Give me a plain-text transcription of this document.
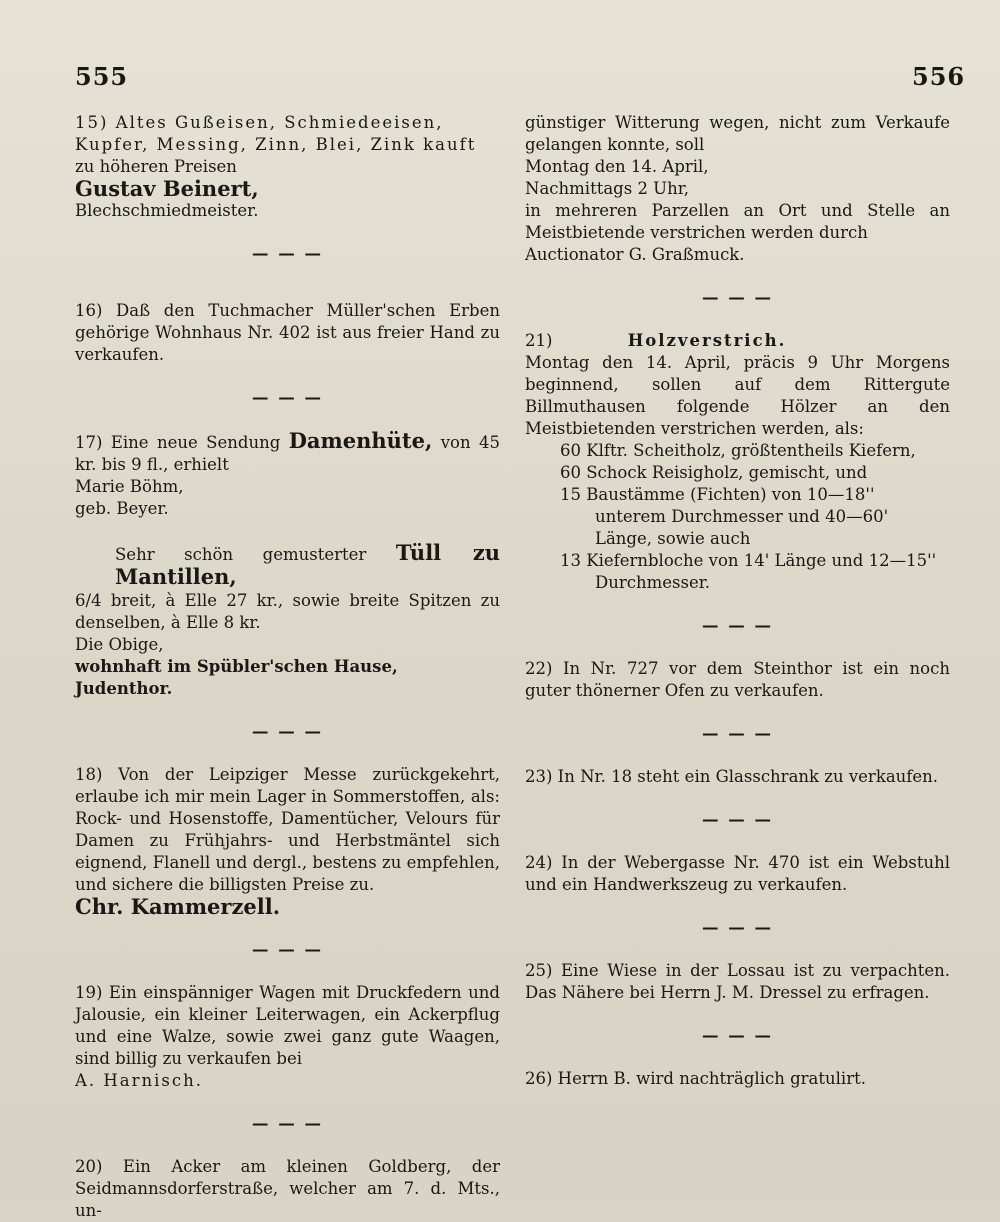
555	556

15) Altes Gußeisen, Schmiedeeisen,

Kupfer, Messing, Zinn, Blei, Zink kauft

zu höheren Preisen

Gustav Beinert,

Blechschmiedmeister.

— — —

16) Daß den Tuchmacher Müller'schen Erben gehörige Wohnhaus Nr. 402 ist aus freier Hand zu verkaufen.

— — —

17) Eine neue Sendung Damenhüte, von 45 kr. bis 9 fl., erhielt

Marie Böhm,

geb. Beyer.

Sehr schön gemusterter Tüll zu Mantillen,

6/4 breit, à Elle 27 kr., sowie breite Spitzen zu denselben, à Elle 8 kr.

Die Obige,

wohnhaft im Spübler'schen Hause,

Judenthor.

— — —

18) Von der Leipziger Messe zurückgekehrt, erlaube ich mir mein Lager in Sommerstoffen, als: Rock- und Hosenstoffe, Damentücher, Velours für Damen zu Frühjahrs- und Herbstmäntel sich eignend, Flanell und dergl., bestens zu empfehlen, und sichere die billigsten Preise zu.

Chr. Kammerzell.

— — —

19) Ein einspänniger Wagen mit Druckfedern und Jalousie, ein kleiner Leiterwagen, ein Ackerpflug und eine Walze, sowie zwei ganz gute Waagen, sind billig zu verkaufen bei

A. Harnisch.

— — —

20) Ein Acker am kleinen Goldberg, der Seidmannsdorferstraße, welcher am 7. d. Mts., un-

günstiger Witterung wegen, nicht zum Verkaufe gelangen konnte, soll

Montag den 14. April,

Nachmittags 2 Uhr,

in mehreren Parzellen an Ort und Stelle an Meistbietende verstrichen werden durch

Auctionator G. Graßmuck.

— — —

21)	Holzverstrich.

Montag den 14. April, präcis 9 Uhr Morgens beginnend, sollen auf dem Rittergute Billmuthausen folgende Hölzer an den Meistbietenden verstrichen werden, als:

60 Klftr. Scheitholz, größtentheils Kiefern,
60 Schock Reisigholz, gemischt, und
15 Baustämme (Fichten) von 10—18'' unterem Durchmesser und 40—60' Länge, sowie auch
13 Kiefernbloche von 14' Länge und 12—15'' Durchmesser.
— — —

22) In Nr. 727 vor dem Steinthor ist ein noch guter thönerner Ofen zu verkaufen.

— — —

23) In Nr. 18 steht ein Glasschrank zu verkaufen.

— — —

24) In der Webergasse Nr. 470 ist ein Webstuhl und ein Handwerkszeug zu verkaufen.

— — —

25) Eine Wiese in der Lossau ist zu verpachten. Das Nähere bei Herrn J. M. Dressel zu erfragen.

— — —

26) Herrn B. wird nachträglich gratulirt.
